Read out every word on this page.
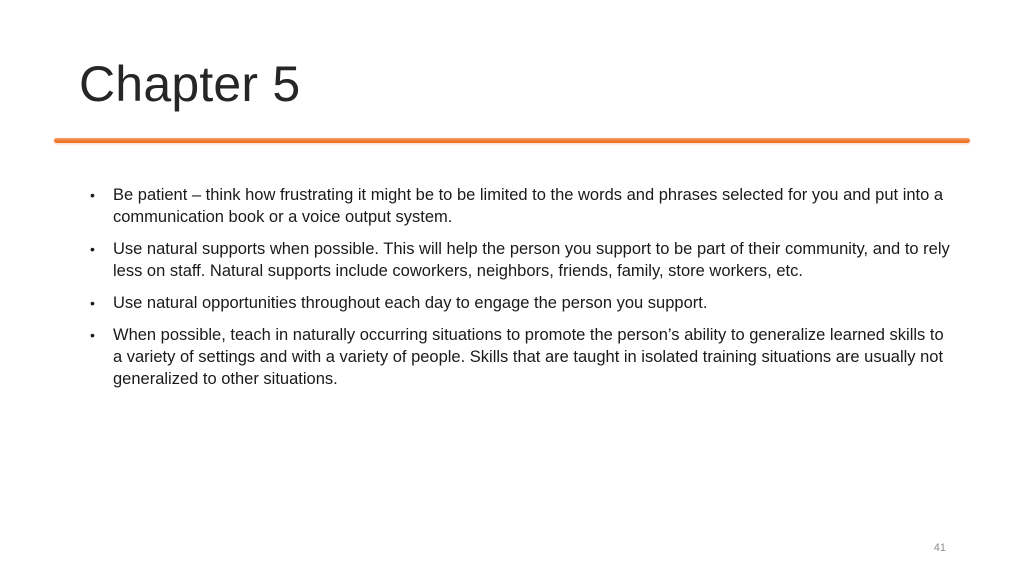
Chapter 5
• Be patient – think how frustrating it might be to be limited to the words and phrases selected for you and put into a communication book or a voice output system.
• Use natural supports when possible. This will help the person you support to be part of their community, and to rely less on staff. Natural supports include coworkers, neighbors, friends, family, store workers, etc.
• Use natural opportunities throughout each day to engage the person you support.
• When possible, teach in naturally occurring situations to promote the person’s ability to generalize learned skills to a variety of settings and with a variety of people. Skills that are taught in isolated training situations are usually not generalized to other situations.
41
